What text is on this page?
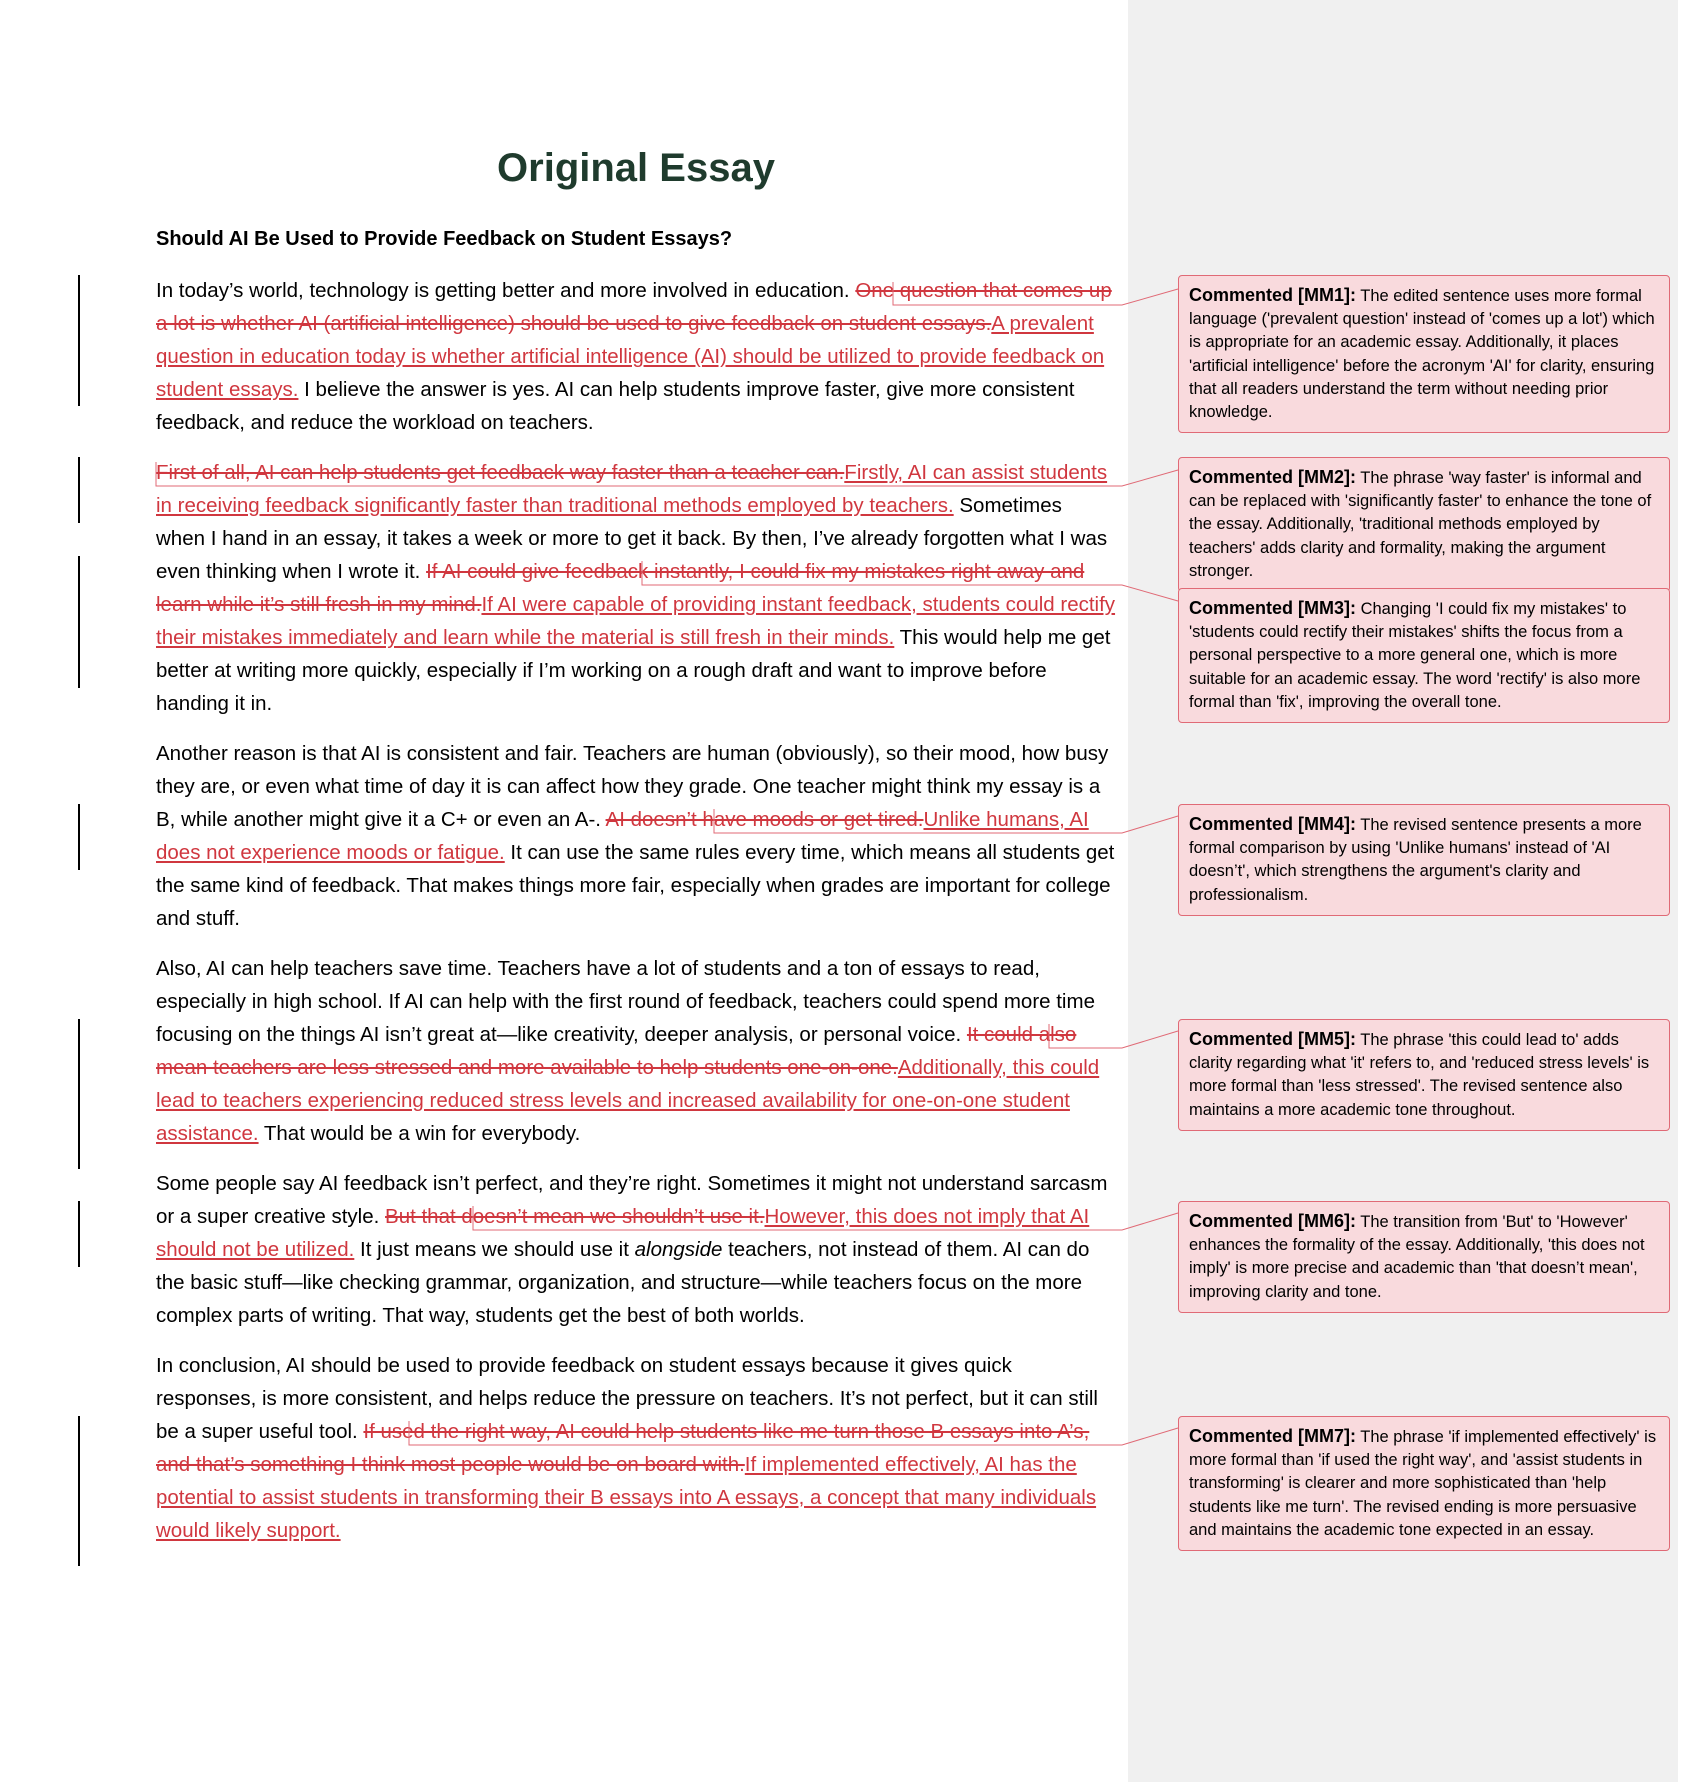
Original Essay
Should AI Be Used to Provide Feedback on Student Essays?

In today’s world, technology is getting better and more involved in education. One question that comes up a lot is whether AI (artificial intelligence) should be used to give feedback on student essays.A prevalent question in education today is whether artificial intelligence (AI) should be utilized to provide feedback on student essays. I believe the answer is yes. AI can help students improve faster, give more consistent feedback, and reduce the workload on teachers.

First of all, AI can help students get feedback way faster than a teacher can.Firstly, AI can assist students in receiving feedback significantly faster than traditional methods employed by teachers. Sometimes when I hand in an essay, it takes a week or more to get it back. By then, I’ve already forgotten what I was even thinking when I wrote it. If AI could give feedback instantly, I could fix my mistakes right away and learn while it’s still fresh in my mind.If AI were capable of providing instant feedback, students could rectify their mistakes immediately and learn while the material is still fresh in their minds. This would help me get better at writing more quickly, especially if I’m working on a rough draft and want to improve before handing it in.

Another reason is that AI is consistent and fair. Teachers are human (obviously), so their mood, how busy they are, or even what time of day it is can affect how they grade. One teacher might think my essay is a B, while another might give it a C+ or even an A-. AI doesn’t have moods or get tired.Unlike humans, AI does not experience moods or fatigue. It can use the same rules every time, which means all students get the same kind of feedback. That makes things more fair, especially when grades are important for college and stuff.

Also, AI can help teachers save time. Teachers have a lot of students and a ton of essays to read, especially in high school. If AI can help with the first round of feedback, teachers could spend more time focusing on the things AI isn’t great at—like creativity, deeper analysis, or personal voice. It could also mean teachers are less stressed and more available to help students one-on-one.Additionally, this could lead to teachers experiencing reduced stress levels and increased availability for one-on-one student assistance. That would be a win for everybody.

Some people say AI feedback isn’t perfect, and they’re right. Sometimes it might not understand sarcasm or a super creative style. But that doesn’t mean we shouldn’t use it.However, this does not imply that AI should not be utilized. It just means we should use it alongside teachers, not instead of them. AI can do the basic stuff—like checking grammar, organization, and structure—while teachers focus on the more complex parts of writing. That way, students get the best of both worlds.

In conclusion, AI should be used to provide feedback on student essays because it gives quick responses, is more consistent, and helps reduce the pressure on teachers. It’s not perfect, but it can still be a super useful tool. If used the right way, AI could help students like me turn those B essays into A’s, and that’s something I think most people would be on board with.If implemented effectively, AI has the potential to assist students in transforming their B essays into A essays, a concept that many individuals would likely support.

Commented [MM1]: The edited sentence uses more formal language ('prevalent question' instead of 'comes up a lot') which is appropriate for an academic essay. Additionally, it places 'artificial intelligence' before the acronym 'AI' for clarity, ensuring that all readers understand the term without needing prior knowledge.
Commented [MM2]: The phrase 'way faster' is informal and can be replaced with 'significantly faster' to enhance the tone of the essay. Additionally, 'traditional methods employed by teachers' adds clarity and formality, making the argument stronger.
Commented [MM3]: Changing 'I could fix my mistakes' to 'students could rectify their mistakes' shifts the focus from a personal perspective to a more general one, which is more suitable for an academic essay. The word 'rectify' is also more formal than 'fix', improving the overall tone.
Commented [MM4]: The revised sentence presents a more formal comparison by using 'Unlike humans' instead of 'AI doesn’t', which strengthens the argument's clarity and professionalism.
Commented [MM5]: The phrase 'this could lead to' adds clarity regarding what 'it' refers to, and 'reduced stress levels' is more formal than 'less stressed'. The revised sentence also maintains a more academic tone throughout.
Commented [MM6]: The transition from 'But' to 'However' enhances the formality of the essay. Additionally, 'this does not imply' is more precise and academic than 'that doesn’t mean', improving clarity and tone.
Commented [MM7]: The phrase 'if implemented effectively' is more formal than 'if used the right way', and 'assist students in transforming' is clearer and more sophisticated than 'help students like me turn'. The revised ending is more persuasive and maintains the academic tone expected in an essay.
